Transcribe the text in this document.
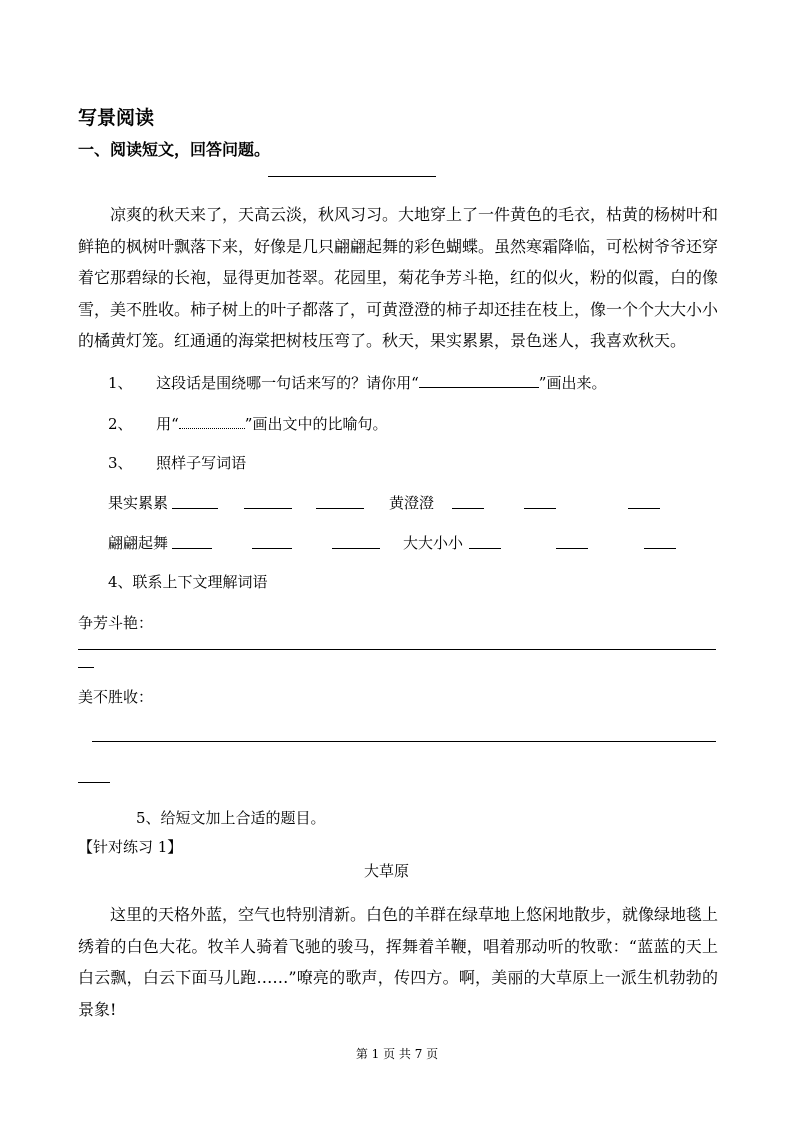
写景阅读
一、阅读短文，回答问题。
凉爽的秋天来了，天高云淡，秋风习习。大地穿上了一件黄色的毛衣，枯黄的杨树叶和鲜艳的枫树叶飘落下来，好像是几只翩翩起舞的彩色蝴蝶。虽然寒霜降临，可松树爷爷还穿着它那碧绿的长袍，显得更加苍翠。花园里，菊花争芳斗艳，红的似火，粉的似霞，白的像雪，美不胜收。柿子树上的叶子都落了，可黄澄澄的柿子却还挂在枝上，像一个个大大小小的橘黄灯笼。红通通的海棠把树枝压弯了。秋天，果实累累，景色迷人，我喜欢秋天。
1、 这段话是围绕哪一句话来写的？请你用“	”画出来。
2、 用“	”画出文中的比喻句。
3、 照样子写词语
果实累累	黄澄澄
翩翩起舞	大大小小
4、联系上下文理解词语
争芳斗艳：
美不胜收：
5、给短文加上合适的题目。
【针对练习 1】
大草原
这里的天格外蓝，空气也特别清新。白色的羊群在绿草地上悠闲地散步，就像绿地毯上绣着的白色大花。牧羊人骑着飞驰的骏马，挥舞着羊鞭，唱着那动听的牧歌：“蓝蓝的天上白云飘，白云下面马儿跑……”嘹亮的歌声，传四方。啊，美丽的大草原上一派生机勃勃的景象!
第 1 页 共 7 页
